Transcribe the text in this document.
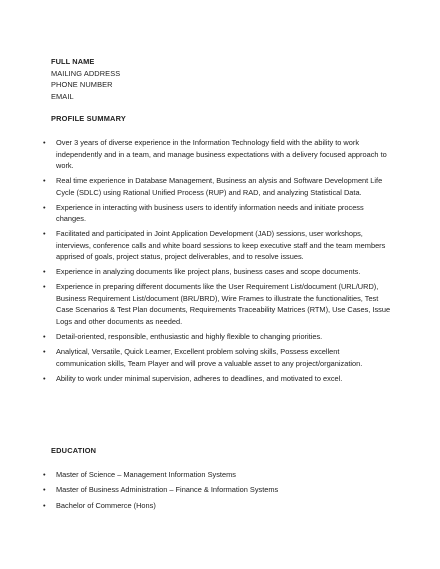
FULL NAME
MAILING ADDRESS
PHONE NUMBER
EMAIL
PROFILE SUMMARY
• Over 3 years of diverse experience in the Information Technology field with the ability to work independently and in a team, and manage business expectations with a delivery focused approach to work.
• Real time experience in Database Management, Business an alysis and Software Development Life Cycle (SDLC) using Rational Unified Process (RUP) and RAD, and analyzing Statistical Data.
• Experience in interacting with business users to identify information needs and initiate process changes.
• Facilitated and participated in Joint Application Development (JAD) sessions, user workshops, interviews, conference calls and white board sessions to keep executive staff and the team members apprised of goals, project status, project deliverables, and to resolve issues.
• Experience in analyzing documents like project plans, business cases and scope documents.
• Experience in preparing different documents like the User Requirement List/document (URL/URD), Business Requirement List/document (BRL/BRD), Wire Frames to illustrate the functionalities, Test Case Scenarios & Test Plan documents, Requirements Traceability Matrices (RTM), Use Cases, Issue Logs and other documents as needed.
• Detail-oriented, responsible, enthusiastic and highly flexible to changing priorities.
• Analytical, Versatile, Quick Learner, Excellent problem solving skills, Possess excellent communication skills, Team Player and will prove a valuable asset to any project/organization.
• Ability to work under minimal supervision, adheres to deadlines, and motivated to excel.
EDUCATION
• Master of Science – Management Information Systems
• Master of Business Administration – Finance & Information Systems
• Bachelor of Commerce (Hons)
